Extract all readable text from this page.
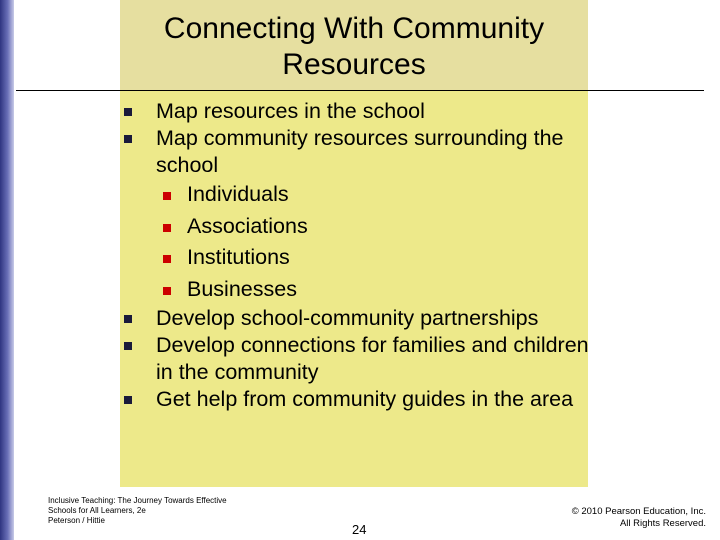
Connecting With Community Resources
Map resources in the school
Map community resources surrounding the school
Individuals
Associations
Institutions
Businesses
Develop school-community partnerships
Develop connections for families and children in the community
Get help from community guides in the area
Inclusive Teaching: The Journey Towards Effective
Schools for All Learners, 2e
Peterson / Hittie
24
© 2010 Pearson Education, Inc.
All Rights Reserved.
